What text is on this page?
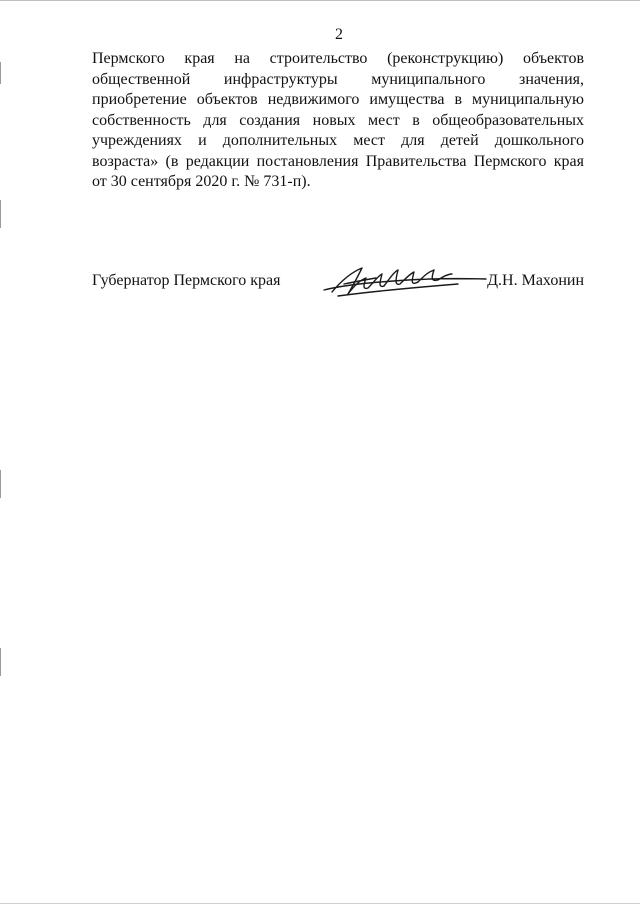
2
Пермского края на строительство (реконструкцию) объектов
общественной инфраструктуры муниципального значения,
приобретение объектов недвижимого имущества в муниципальную
собственность для создания новых мест в общеобразовательных
учреждениях и дополнительных мест для детей дошкольного
возраста» (в редакции постановления Правительства Пермского края
от 30 сентября 2020 г. № 731-п).
Губернатор Пермского края	Д.Н. Махонин
